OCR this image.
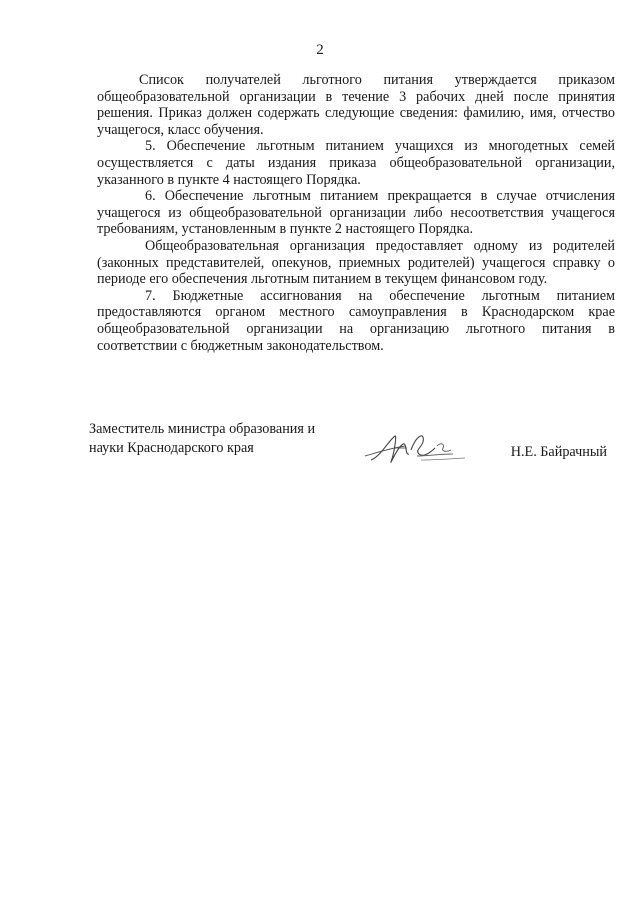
2

Список получателей льготного питания утверждается приказом общеобразовательной организации в течение 3 рабочих дней после принятия решения. Приказ должен содержать следующие сведения: фамилию, имя, отчество учащегося, класс обучения.

5. Обеспечение льготным питанием учащихся из многодетных семей осуществляется с даты издания приказа общеобразовательной организации, указанного в пункте 4 настоящего Порядка.

6. Обеспечение льготным питанием прекращается в случае отчисления учащегося из общеобразовательной организации либо несоответствия учащегося требованиям, установленным в пункте 2 настоящего Порядка.

Общеобразовательная организация предоставляет одному из родителей (законных представителей, опекунов, приемных родителей) учащегося справку о периоде его обеспечения льготным питанием в текущем финансовом году.

7. Бюджетные ассигнования на обеспечение льготным питанием предоставляются органом местного самоуправления в Краснодарском крае общеобразовательной организации на организацию льготного питания в соответствии с бюджетным законодательством.

Заместитель министра образования и
науки Краснодарского края	Н.Е. Байрачный
